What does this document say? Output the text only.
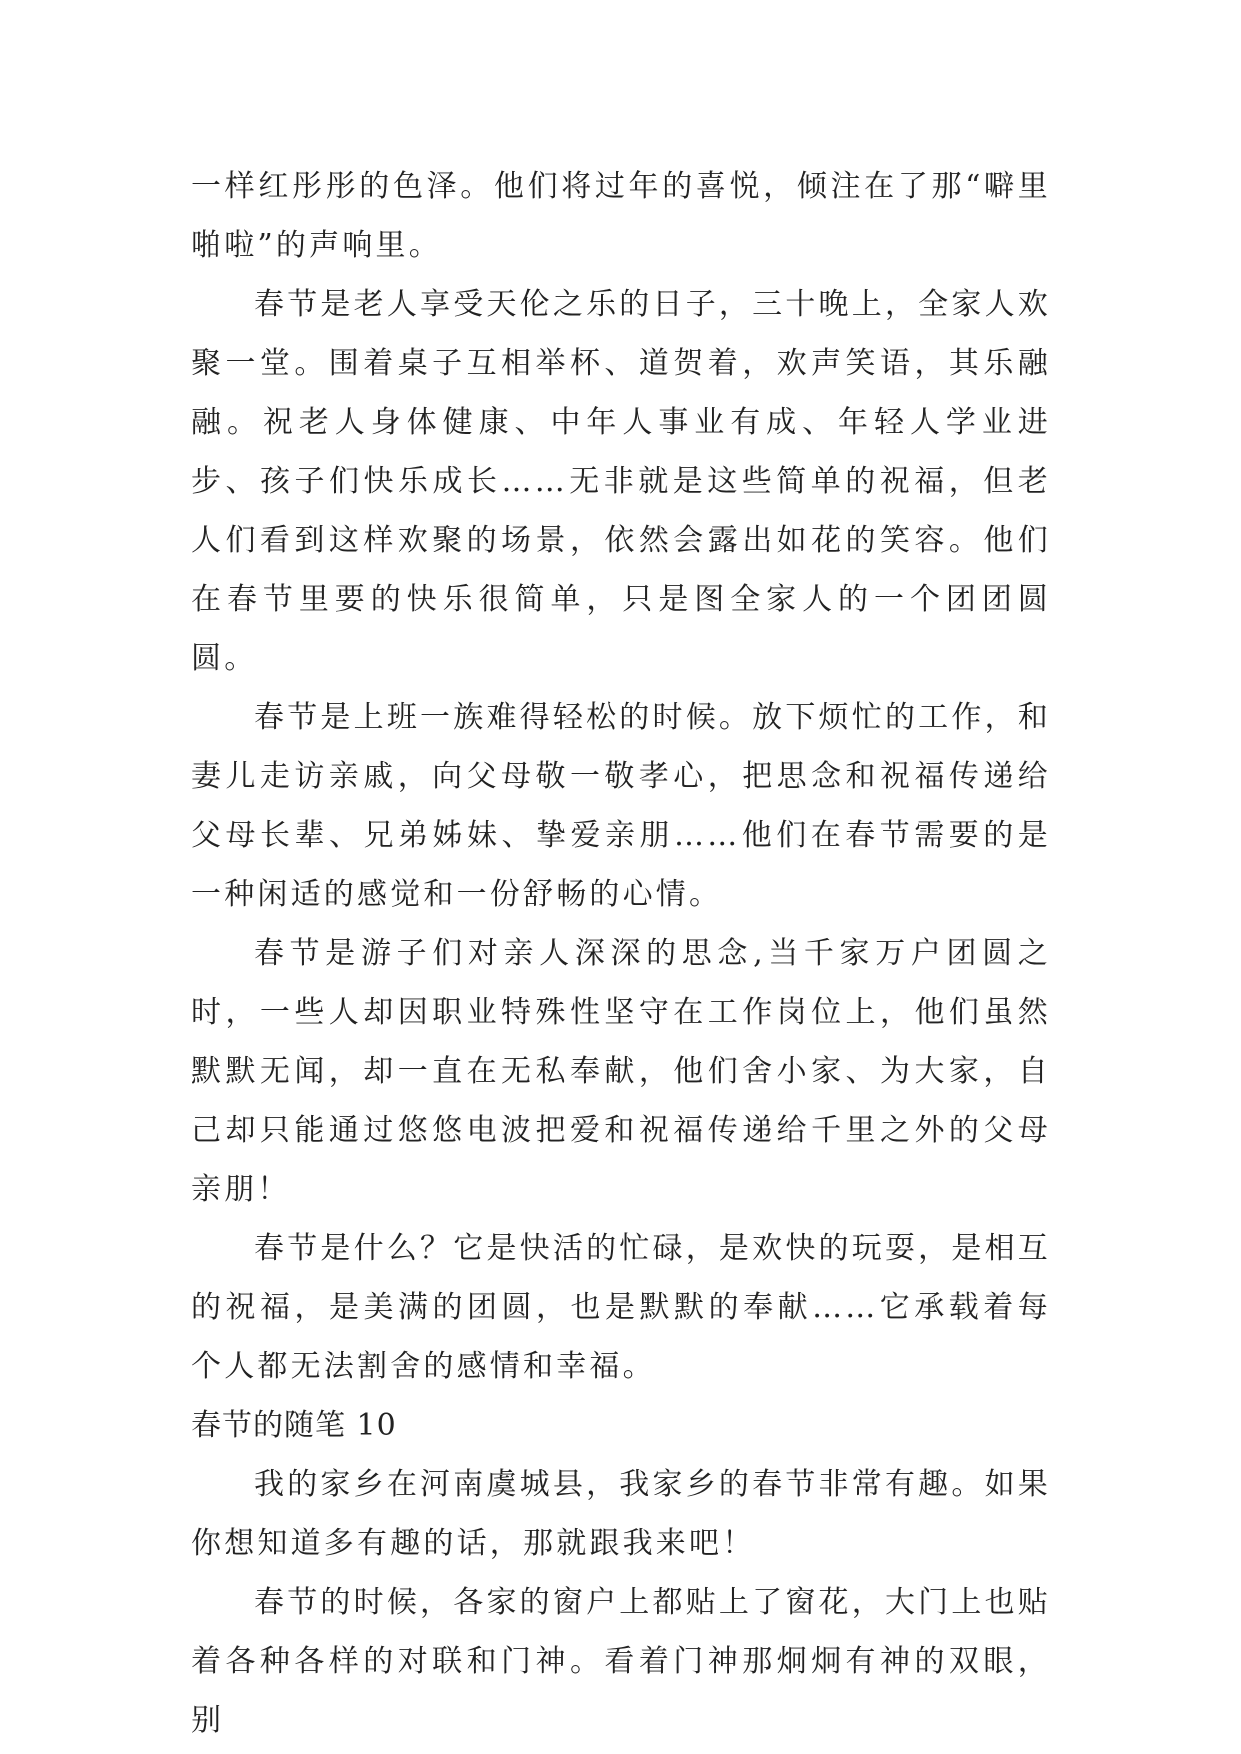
一样红彤彤的色泽。他们将过年的喜悦，倾注在了那“噼里啪啦”的声响里。

春节是老人享受天伦之乐的日子，三十晚上，全家人欢聚一堂。围着桌子互相举杯、道贺着，欢声笑语，其乐融融。祝老人身体健康、中年人事业有成、年轻人学业进步、孩子们快乐成长……无非就是这些简单的祝福，但老人们看到这样欢聚的场景，依然会露出如花的笑容。他们在春节里要的快乐很简单，只是图全家人的一个团团圆圆。

春节是上班一族难得轻松的时候。放下烦忙的工作，和妻儿走访亲戚，向父母敬一敬孝心，把思念和祝福传递给父母长辈、兄弟姊妹、挚爱亲朋……他们在春节需要的是一种闲适的感觉和一份舒畅的心情。

春节是游子们对亲人深深的思念,当千家万户团圆之时，一些人却因职业特殊性坚守在工作岗位上，他们虽然默默无闻，却一直在无私奉献，他们舍小家、为大家，自己却只能通过悠悠电波把爱和祝福传递给千里之外的父母亲朋！

春节是什么？它是快活的忙碌，是欢快的玩耍，是相互的祝福，是美满的团圆，也是默默的奉献……它承载着每个人都无法割舍的感情和幸福。

春节的随笔 10

我的家乡在河南虞城县，我家乡的春节非常有趣。如果你想知道多有趣的话，那就跟我来吧！

春节的时候，各家的窗户上都贴上了窗花，大门上也贴着各种各样的对联和门神。看着门神那炯炯有神的双眼，别
